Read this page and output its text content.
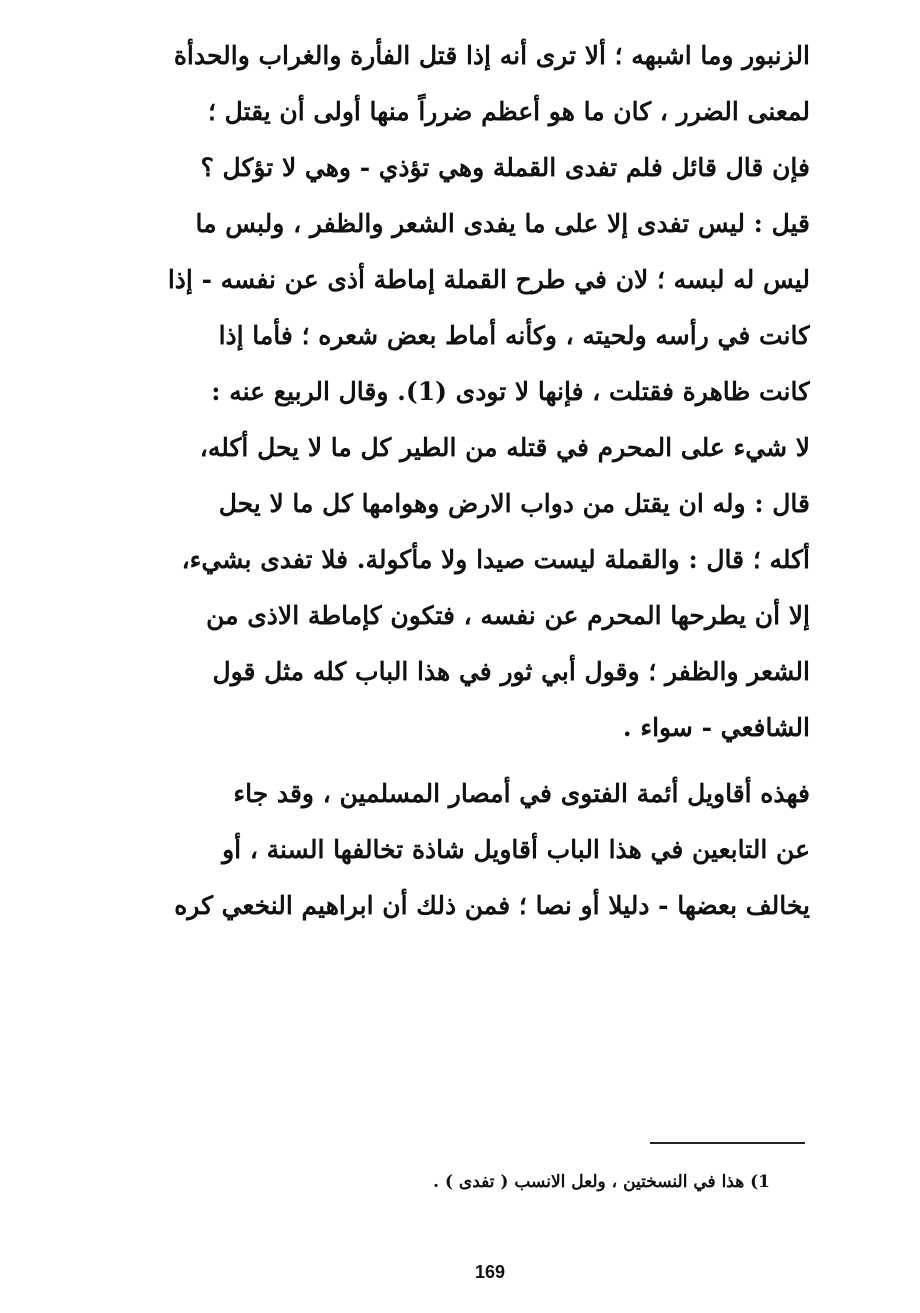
الزنبور وما اشبهه ؛ ألا ترى أنه إذا قتل الفأرة والغراب والحدأة
لمعنى الضرر ، كان ما هو أعظم ضرراً منها أولى أن يقتل ؛
فإن قال قائل فلم تفدى القملة وهي تؤذي - وهي لا تؤكل ؟
قيل : ليس تفدى إلا على ما يفدى الشعر والظفر ، ولبس ما
ليس له لبسه ؛ لان في طرح القملة إماطة أذى عن نفسه - إذا
كانت في رأسه ولحيته ، وكأنه أماط بعض شعره ؛ فأما إذا
كانت ظاهرة فقتلت ، فإنها لا تودى (1). وقال الربيع عنه :
لا شيء على المحرم في قتله من الطير كل ما لا يحل أكله،
قال : وله ان يقتل من دواب الارض وهوامها كل ما لا يحل
أكله ؛ قال : والقملة ليست صيدا ولا مأكولة. فلا تفدى بشيء،
إلا أن يطرحها المحرم عن نفسه ، فتكون كإماطة الاذى من
الشعر والظفر ؛ وقول أبي ثور في هذا الباب كله مثل قول
الشافعي - سواء .
فهذه أقاويل أئمة الفتوى في أمصار المسلمين ، وقد جاء
عن التابعين في هذا الباب أقاويل شاذة تخالفها السنة ، أو
يخالف بعضها - دليلا أو نصا ؛ فمن ذلك أن ابراهيم النخعي كره
1) هذا في النسختين ، ولعل الانسب ( تفدى ) .
169
